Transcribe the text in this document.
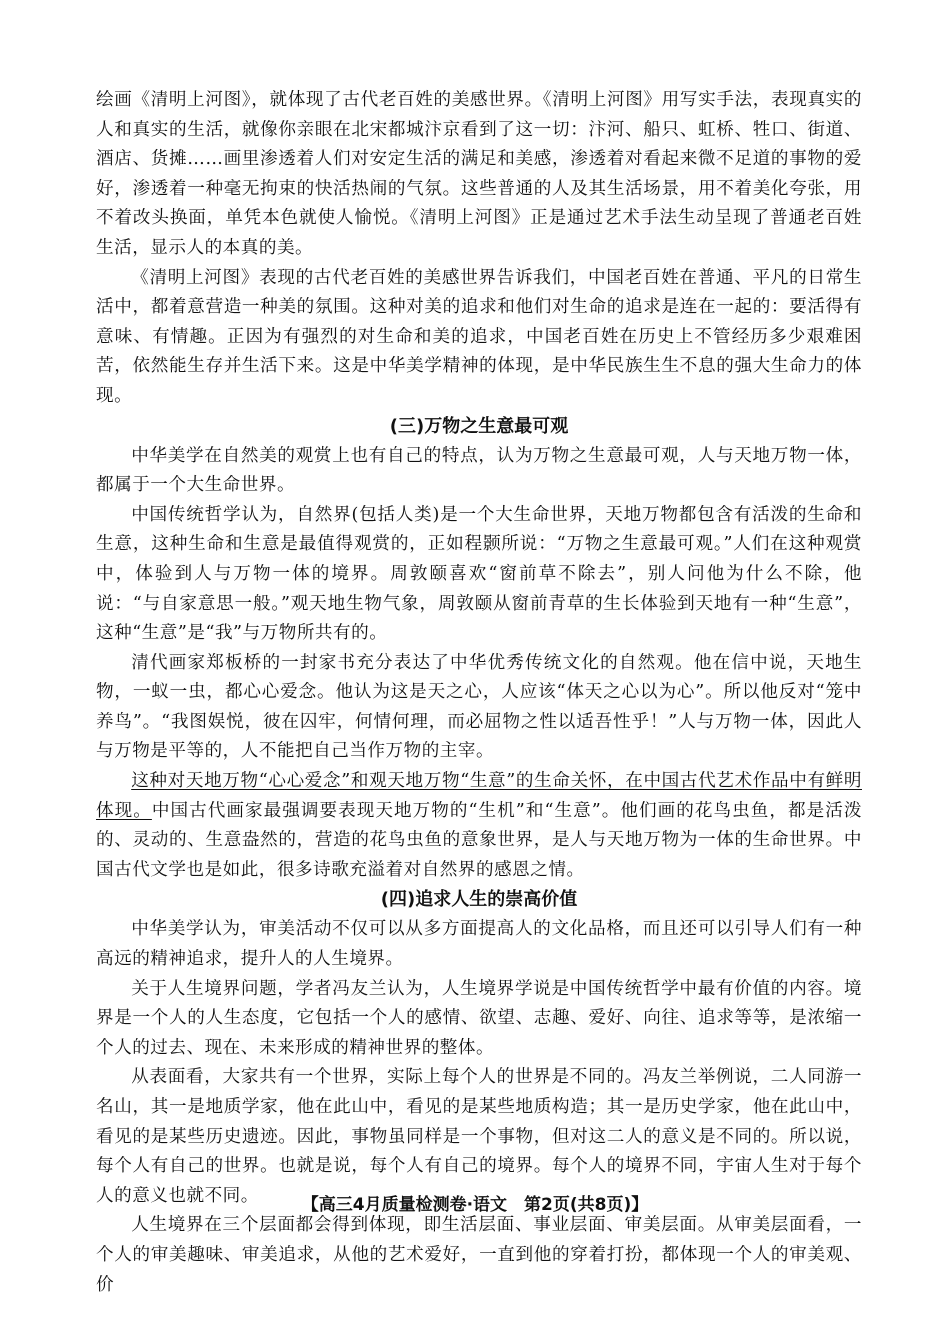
绘画《清明上河图》，就体现了古代老百姓的美感世界。《清明上河图》用写实手法，表现真实的人和真实的生活，就像你亲眼在北宋都城汴京看到了这一切：汴河、船只、虹桥、牲口、街道、酒店、货摊……画里渗透着人们对安定生活的满足和美感，渗透着对看起来微不足道的事物的爱好，渗透着一种毫无拘束的快活热闹的气氛。这些普通的人及其生活场景，用不着美化夸张，用不着改头换面，单凭本色就使人愉悦。《清明上河图》正是通过艺术手法生动呈现了普通老百姓生活，显示人的本真的美。

《清明上河图》表现的古代老百姓的美感世界告诉我们，中国老百姓在普通、平凡的日常生活中，都着意营造一种美的氛围。这种对美的追求和他们对生命的追求是连在一起的：要活得有意味、有情趣。正因为有强烈的对生命和美的追求，中国老百姓在历史上不管经历多少艰难困苦，依然能生存并生活下来。这是中华美学精神的体现，是中华民族生生不息的强大生命力的体现。

(三)万物之生意最可观

中华美学在自然美的观赏上也有自己的特点，认为万物之生意最可观，人与天地万物一体，都属于一个大生命世界。

中国传统哲学认为，自然界(包括人类)是一个大生命世界，天地万物都包含有活泼的生命和生意，这种生命和生意是最值得观赏的，正如程颢所说：“万物之生意最可观。”人们在这种观赏中，体验到人与万物一体的境界。周敦颐喜欢“窗前草不除去”，别人问他为什么不除，他说：“与自家意思一般。”观天地生物气象，周敦颐从窗前青草的生长体验到天地有一种“生意”，这种“生意”是“我”与万物所共有的。

清代画家郑板桥的一封家书充分表达了中华优秀传统文化的自然观。他在信中说，天地生物，一蚁一虫，都心心爱念。他认为这是天之心，人应该“体天之心以为心”。所以他反对“笼中养鸟”。“我图娱悦，彼在囚牢，何情何理，而必屈物之性以适吾性乎！”人与万物一体，因此人与万物是平等的，人不能把自己当作万物的主宰。

这种对天地万物“心心爱念”和观天地万物“生意”的生命关怀，在中国古代艺术作品中有鲜明体现。中国古代画家最强调要表现天地万物的“生机”和“生意”。他们画的花鸟虫鱼，都是活泼的、灵动的、生意盎然的，营造的花鸟虫鱼的意象世界，是人与天地万物为一体的生命世界。中国古代文学也是如此，很多诗歌充溢着对自然界的感恩之情。

(四)追求人生的崇高价值

中华美学认为，审美活动不仅可以从多方面提高人的文化品格，而且还可以引导人们有一种高远的精神追求，提升人的人生境界。

关于人生境界问题，学者冯友兰认为，人生境界学说是中国传统哲学中最有价值的内容。境界是一个人的人生态度，它包括一个人的感情、欲望、志趣、爱好、向往、追求等等，是浓缩一个人的过去、现在、未来形成的精神世界的整体。

从表面看，大家共有一个世界，实际上每个人的世界是不同的。冯友兰举例说，二人同游一名山，其一是地质学家，他在此山中，看见的是某些地质构造；其一是历史学家，他在此山中，看见的是某些历史遗迹。因此，事物虽同样是一个事物，但对这二人的意义是不同的。所以说，每个人有自己的世界。也就是说，每个人有自己的境界。每个人的境界不同，宇宙人生对于每个人的意义也就不同。

人生境界在三个层面都会得到体现，即生活层面、事业层面、审美层面。从审美层面看，一个人的审美趣味、审美追求，从他的艺术爱好，一直到他的穿着打扮，都体现一个人的审美观、价

【高三4月质量检测卷·语文　第2页(共8页)】
